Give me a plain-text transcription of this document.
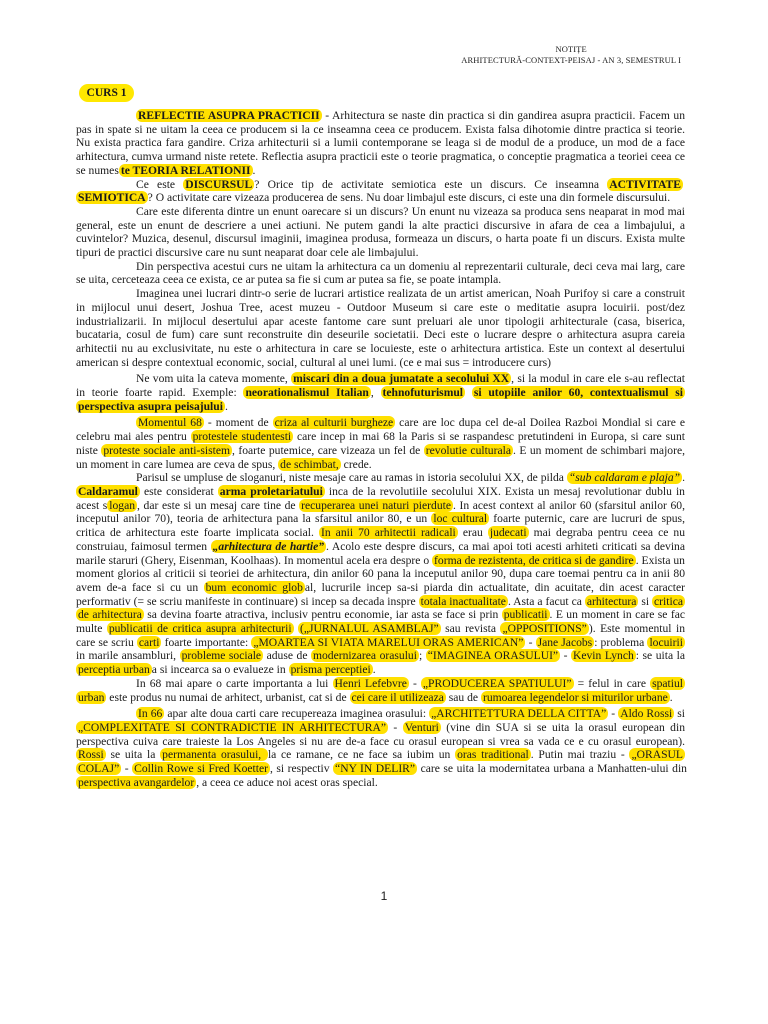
NOTIȚE
ARHITECTURĂ-CONTEXT-PEISAJ - AN 3, SEMESTRUL I
CURS 1

REFLECTIE ASUPRA PRACTICII - Arhitectura se naste din practica si din gandirea asupra practicii. Facem un pas in spate si ne uitam la ceea ce producem si la ce inseamna ceea ce producem. Exista falsa dihotomie dintre practica si teorie. Nu exista practica fara gandire. Criza arhitecturii si a lumii contemporane se leaga si de modul de a produce, un mod de a face arhitectura, cumva urmand niste retete. Reflectia asupra practicii este o teorie pragmatica, o conceptie pragmatica a teoriei ceea ce se numes te TEORIA RELATIONII .

Ce este DISCURSUL ? Orice tip de activitate semiotica este un discurs. Ce inseamna ACTIVITATE SEMIOTICA ? O activitate care vizeaza producerea de sens. Nu doar limbajul este discurs, ci este una din formele discursului.

Care este diferenta dintre un enunt oarecare si un discurs? Un enunt nu vizeaza sa produca sens neaparat in mod mai general, este un enunt de descriere a unei actiuni. Ne putem gandi la alte practici discursive in afara de cea a limbajului, a cuvintelor? Muzica, desenul, discursul imaginii, imaginea produsa, formeaza un discurs, o harta poate fi un discurs. Exista multe tipuri de practici discursive care nu sunt neaparat doar cele ale limbajului.

Din perspectiva acestui curs ne uitam la arhitectura ca un domeniu al reprezentarii culturale, deci ceva mai larg, care se uita, cerceteaza ceea ce exista, ce ar putea sa fie si cum ar putea sa fie, se poate intampla.

Imaginea unei lucrari dintr-o serie de lucrari artistice realizata de un artist american, Noah Purifoy si care a construit in mijlocul unui desert, Joshua Tree, acest muzeu - Outdoor Museum si care este o meditatie asupra locuirii. post/dez industrializarii. In mijlocul desertului apar aceste fantome care sunt preluari ale unor tipologii arhitecturale (casa, biserica, bucataria, cosul de fum) care sunt reconstruite din deseurile societatii. Deci este o lucrare despre o arhitectura asupra careia arhitectii nu au exclusivitate, nu este o arhitectura in care se locuieste, este o arhitectura artistica. Este un context al desertului american si despre contextual economic, social, cultural al unei lumi. (ce e mai sus = introducere curs)

Ne vom uita la cateva momente, miscari din a doua jumatate a secolului XX , si la modul in care ele s-au reflectat in teorie foarte rapid. Exemple: neorationalismul Italian , tehnofuturismul si utopiile anilor 60, contextualismul si perspectiva asupra peisajului .

Momentul 68 - moment de criza al culturii burgheze care are loc dupa cel de-al Doilea Razboi Mondial si care e celebru mai ales pentru protestele studentesti care incep in mai 68 la Paris si se raspandesc pretutindeni in Europa, si care sunt niste proteste sociale anti-sistem , foarte putemice, care vizeaza un fel de revolutie culturala . E un moment de schimbari majore, un moment in care lumea are ceva de spus, de schimbat, crede.

Parisul se umpluse de sloganuri, niste mesaje care au ramas in istoria secolului XX, de pilda “sub caldaram e plaja” . Caldaramul este considerat arma proletariatului inca de la revolutiile secolului XIX. Exista un mesaj revolutionar dublu in acest s logan , dar este si un mesaj care tine de recuperarea unei naturi pierdute . In acest context al anilor 60 (sfarsitul anilor 60, inceputul anilor 70), teoria de arhitectura pana la sfarsitul anilor 80, e un loc cultural foarte puternic, care are lucruri de spus, critica de arhitectura este foarte implicata social. In anii 70 arhitectii radicali erau judecati mai degraba pentru ceea ce nu construiau, faimosul termen „arhitectura de hartie” . Acolo este despre discurs, ca mai apoi toti acesti arhiteti criticati sa devina marile staruri (Ghery, Eisenman, Koolhaas). In momentul acela era despre o forma de rezistenta, de critica si de gandire . Exista un moment glorios al criticii si teoriei de arhitectura, din anilor 60 pana la inceputul anilor 90, dupa care toemai pentru ca in anii 80 avem de-a face si cu un bum economic glob al, lucrurile incep sa-si piarda din actualitate, din acuitate, din acest caracter performativ (= se scriu manifeste in continuare) si incep sa decada inspre totala inactualitate . Asta a facut ca arhitectura si critica de arhitectura sa devina foarte atractiva, inclusiv pentru economie, iar asta se face si prin publicatii . E un moment in care se fac multe publicatii de critica asupra arhitecturii („JURNALUL ASAMBLAJ” sau revista „OPPOSITIONS” ). Este momentul in care se scriu carti foarte importante: „MOARTEA SI VIATA MARELUI ORAS AMERICAN” - Jane Jacobs : problema locuirii in marile ansambluri, probleme sociale aduse de modernizarea orasului ; “IMAGINEA ORASULUI” - Kevin Lynch : se uita la perceptia urban a si incearca sa o evalueze in prisma perceptiei .

In 68 mai apare o carte importanta a lui Henri Lefebvre - „PRODUCEREA SPATIULUI” = felul in care spatiul urban este produs nu numai de arhitect, urbanist, cat si de cei care il utilizeaza sau de rumoarea legendelor si miturilor urbane .

In 66 apar alte doua carti care recupereaza imaginea orasului: „ARCHITETTURA DELLA CITTA” - Aldo Rossi si „COMPLEXITATE SI CONTRADICTIE IN ARHITECTURA” - Venturi (vine din SUA si se uita la orasul european din perspectiva cuiva care traieste la Los Angeles si nu are de-a face cu orasul european si vrea sa vada ce e cu orasul european). Rossi se uita la permanenta orasului, la ce ramane, ce ne face sa iubim un oras traditional . Putin mai traziu - „ORASUL COLAJ” - Collin Rowe si Fred Koetter , si respectiv “NY IN DELIR” care se uita la modernitatea urbana a Manhatten-ului din perspectiva avangardelor , a ceea ce aduce noi acest oras special.

1
